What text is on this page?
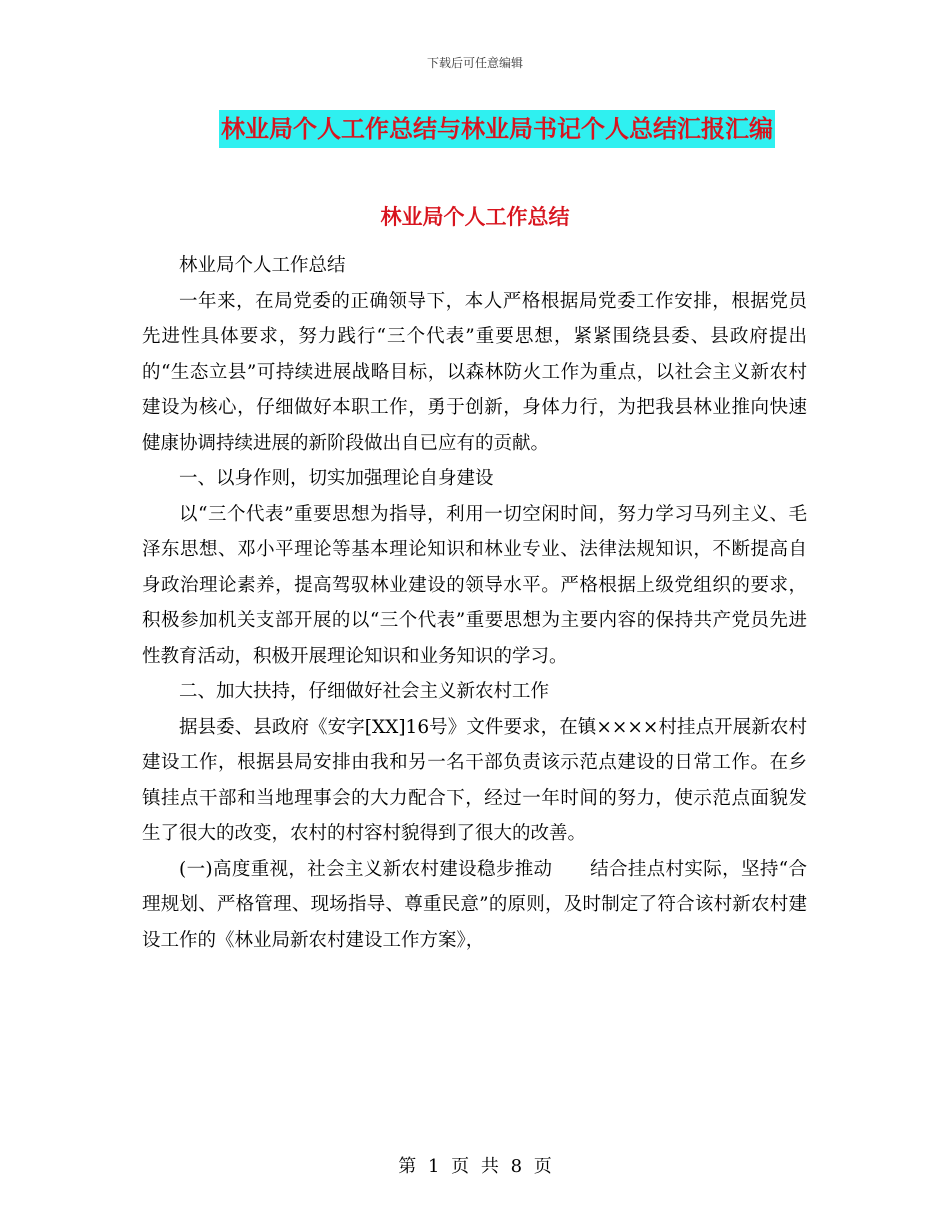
下载后可任意编辑
林业局个人工作总结与林业局书记个人总结汇报汇编
林业局个人工作总结

林业局个人工作总结

一年来，在局党委的正确领导下，本人严格根据局党委工作安排，根据党员先进性具体要求，努力践行“三个代表”重要思想，紧紧围绕县委、县政府提出的“生态立县”可持续进展战略目标，以森林防火工作为重点，以社会主义新农村建设为核心，仔细做好本职工作，勇于创新，身体力行，为把我县林业推向快速健康协调持续进展的新阶段做出自已应有的贡献。

一、以身作则，切实加强理论自身建设

以“三个代表”重要思想为指导，利用一切空闲时间，努力学习马列主义、毛泽东思想、邓小平理论等基本理论知识和林业专业、法律法规知识，不断提高自身政治理论素养，提高驾驭林业建设的领导水平。严格根据上级党组织的要求，积极参加机关支部开展的以“三个代表”重要思想为主要内容的保持共产党员先进性教育活动，积极开展理论知识和业务知识的学习。

二、加大扶持，仔细做好社会主义新农村工作

据县委、县政府《安字[XX]16号》文件要求，在镇××××村挂点开展新农村建设工作，根据县局安排由我和另一名干部负责该示范点建设的日常工作。在乡镇挂点干部和当地理事会的大力配合下，经过一年时间的努力，使示范点面貌发生了很大的改变，农村的村容村貌得到了很大的改善。

(一)高度重视，社会主义新农村建设稳步推动　　结合挂点村实际，坚持“合理规划、严格管理、现场指导、尊重民意”的原则，及时制定了符合该村新农村建设工作的《林业局新农村建设工作方案》，

第 1 页 共 8 页
